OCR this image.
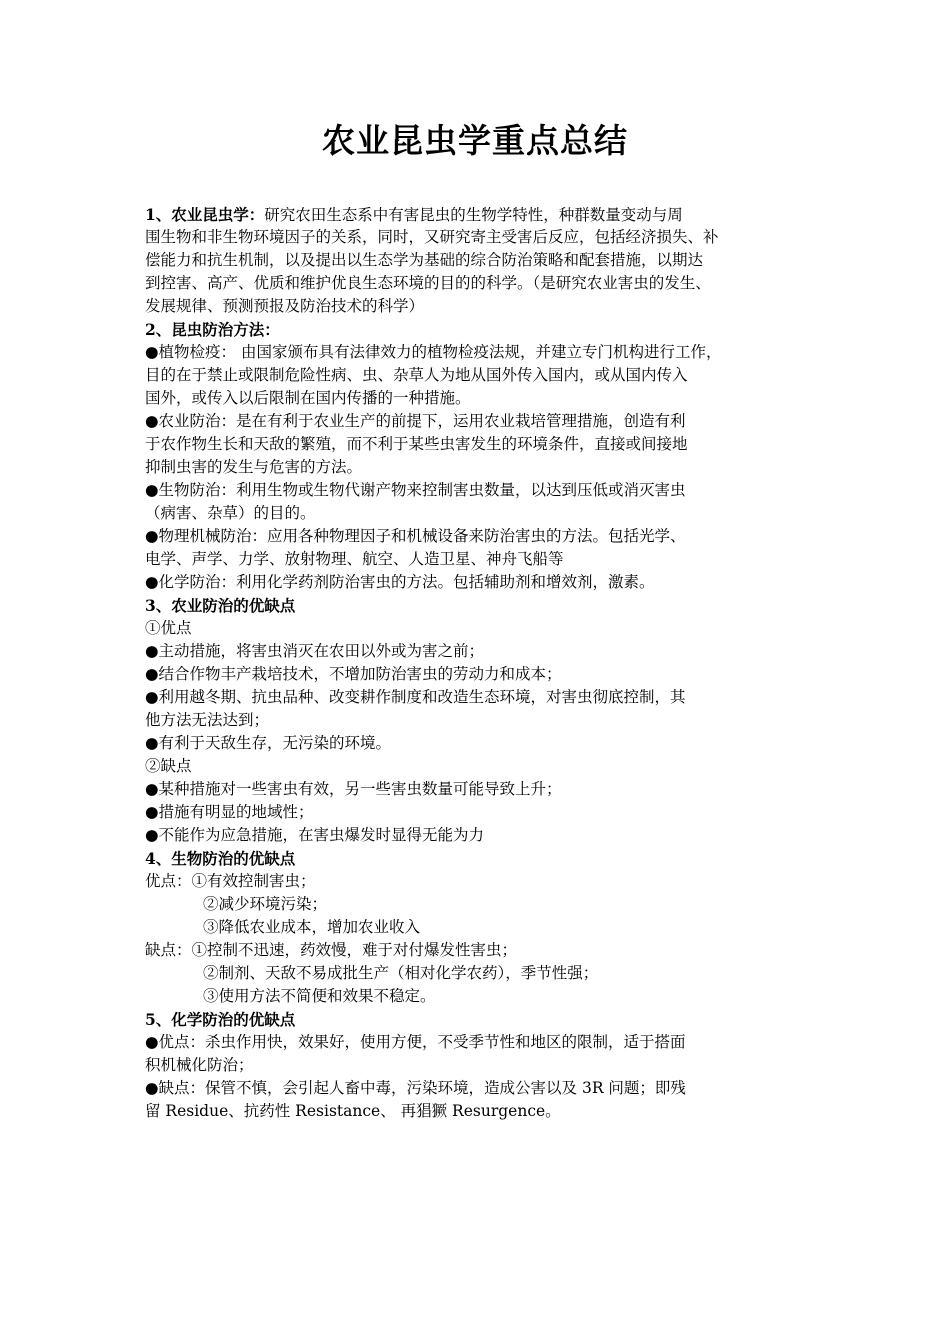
农业昆虫学重点总结
1、农业昆虫学：研究农田生态系中有害昆虫的生物学特性，种群数量变动与周
围生物和非生物环境因子的关系，同时，又研究寄主受害后反应，包括经济损失、补
偿能力和抗生机制，以及提出以生态学为基础的综合防治策略和配套措施，以期达
到控害、高产、优质和维护优良生态环境的目的的科学。（是研究农业害虫的发生、
发展规律、预测预报及防治技术的科学）
2、昆虫防治方法：
●植物检疫： 由国家颁布具有法律效力的植物检疫法规，并建立专门机构进行工作，
目的在于禁止或限制危险性病、虫、杂草人为地从国外传入国内，或从国内传入
国外，或传入以后限制在国内传播的一种措施。
●农业防治：是在有利于农业生产的前提下，运用农业栽培管理措施，创造有利
于农作物生长和天敌的繁殖，而不利于某些虫害发生的环境条件，直接或间接地
抑制虫害的发生与危害的方法。
●生物防治：利用生物或生物代谢产物来控制害虫数量，以达到压低或消灭害虫
（病害、杂草）的目的。
●物理机械防治：应用各种物理因子和机械设备来防治害虫的方法。包括光学、
电学、声学、力学、放射物理、航空、人造卫星、神舟飞船等
●化学防治：利用化学药剂防治害虫的方法。包括辅助剂和增效剂，激素。
3、农业防治的优缺点
①优点
●主动措施，将害虫消灭在农田以外或为害之前；
●结合作物丰产栽培技术，不增加防治害虫的劳动力和成本；
●利用越冬期、抗虫品种、改变耕作制度和改造生态环境，对害虫彻底控制，其
他方法无法达到；
●有利于天敌生存，无污染的环境。
②缺点
●某种措施对一些害虫有效，另一些害虫数量可能导致上升；
●措施有明显的地域性；
●不能作为应急措施，在害虫爆发时显得无能为力
4、生物防治的优缺点
优点：①有效控制害虫；
②减少环境污染；
③降低农业成本，增加农业收入
缺点：①控制不迅速，药效慢，难于对付爆发性害虫；
②制剂、天敌不易成批生产（相对化学农药），季节性强；
③使用方法不简便和效果不稳定。
5、化学防治的优缺点
●优点：杀虫作用快，效果好，使用方便，不受季节性和地区的限制，适于搭面
积机械化防治；
●缺点：保管不慎，会引起人畜中毒，污染环境，造成公害以及 3R 问题；即残
留 Residue、抗药性 Resistance、 再猖獗 Resurgence。
